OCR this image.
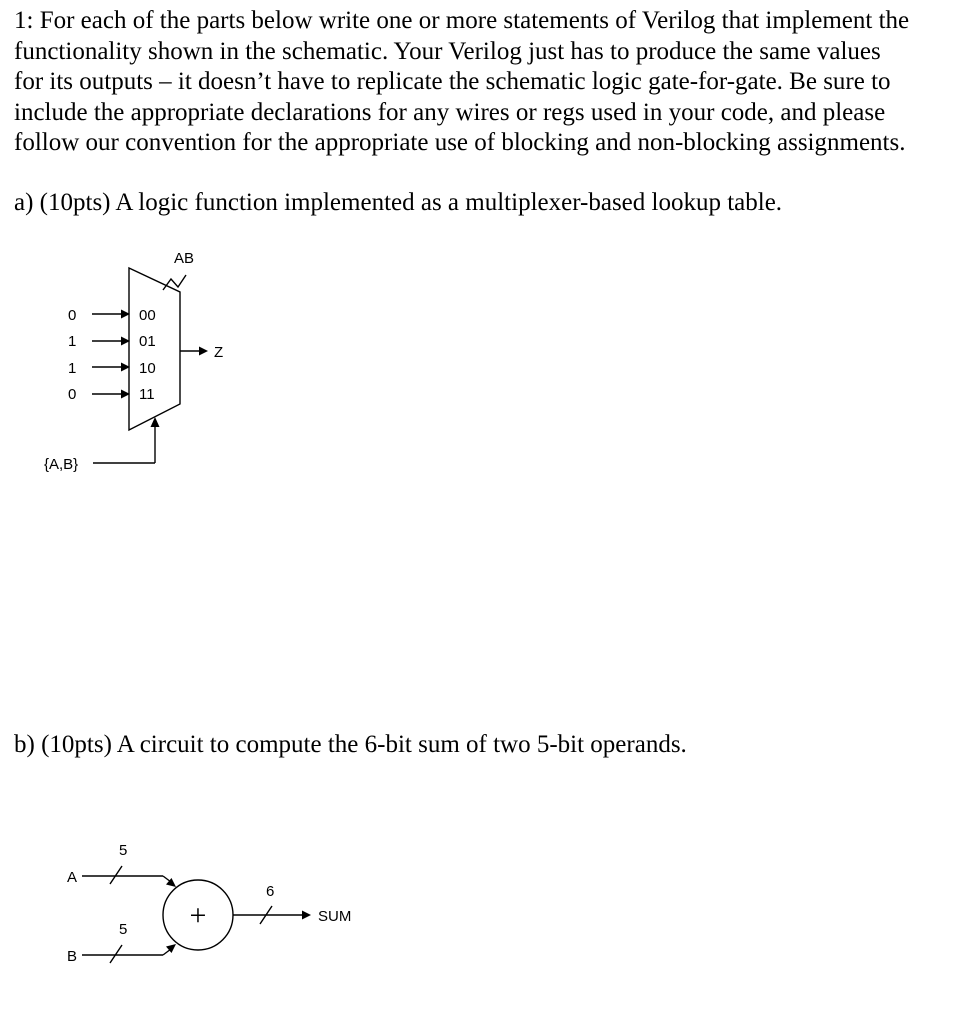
1: For each of the parts below write one or more statements of Verilog that implement the
functionality shown in the schematic. Your Verilog just has to produce the same values
for its outputs – it doesn’t have to replicate the schematic logic gate-for-gate. Be sure to
include the appropriate declarations for any wires or regs used in your code, and please
follow our convention for the appropriate use of blocking and non-blocking assignments.
a) (10pts) A logic function implemented as a multiplexer-based lookup table.
AB
0
1
1
0
00
01
10
11
Z
{A,B}
b) (10pts) A circuit to compute the 6-bit sum of two 5-bit operands.
A
5
B
5 +
6
SUM
